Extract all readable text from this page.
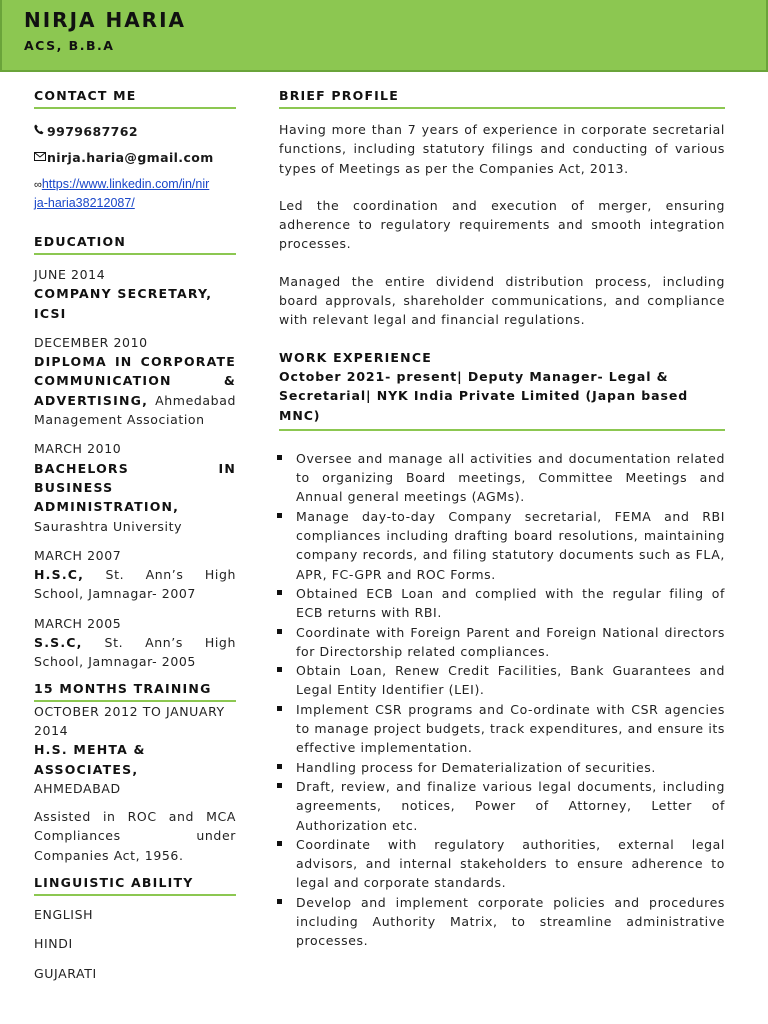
NIRJA HARIA
ACS, B.B.A
CONTACT ME
9979687762
nirja.haria@gmail.com
∞https://www.linkedin.com/in/nir
ja-haria38212087/
EDUCATION
JUNE 2014
COMPANY SECRETARY, ICSI
DECEMBER 2010
DIPLOMA IN CORPORATE COMMUNICATION & ADVERTISING, Ahmedabad Management Association
MARCH 2010
BACHELORS IN BUSINESS ADMINISTRATION,
Saurashtra University
MARCH 2007
H.S.C, St. Ann’s High School, Jamnagar- 2007
MARCH 2005
S.S.C, St. Ann’s High School, Jamnagar- 2005
15 MONTHS TRAINING
OCTOBER 2012 TO JANUARY 2014
H.S. MEHTA & ASSOCIATES,
AHMEDABAD
Assisted in ROC and MCA Compliances under Companies Act, 1956.
LINGUISTIC ABILITY
ENGLISH
HINDI
GUJARATI
BRIEF PROFILE
Having more than 7 years of experience in corporate secretarial functions, including statutory filings and conducting of various types of Meetings as per the Companies Act, 2013.
Led the coordination and execution of merger, ensuring adherence to regulatory requirements and smooth integration processes.
Managed the entire dividend distribution process, including board approvals, shareholder communications, and compliance with relevant legal and financial regulations.
WORK EXPERIENCE
October 2021- present| Deputy Manager- Legal & Secretarial| NYK India Private Limited (Japan based MNC)
Oversee and manage all activities and documentation related to organizing Board meetings, Committee Meetings and Annual general meetings (AGMs).
Manage day-to-day Company secretarial, FEMA and RBI compliances including drafting board resolutions, maintaining company records, and filing statutory documents such as FLA, APR, FC-GPR and ROC Forms.
Obtained ECB Loan and complied with the regular filing of ECB returns with RBI.
Coordinate with Foreign Parent and Foreign National directors for Directorship related compliances.
Obtain Loan, Renew Credit Facilities, Bank Guarantees and Legal Entity Identifier (LEI).
Implement CSR programs and Co-ordinate with CSR agencies to manage project budgets, track expenditures, and ensure its effective implementation.
Handling process for Dematerialization of securities.
Draft, review, and finalize various legal documents, including agreements, notices, Power of Attorney, Letter of Authorization etc.
Coordinate with regulatory authorities, external legal advisors, and internal stakeholders to ensure adherence to legal and corporate standards.
Develop and implement corporate policies and procedures including Authority Matrix, to streamline administrative processes.
